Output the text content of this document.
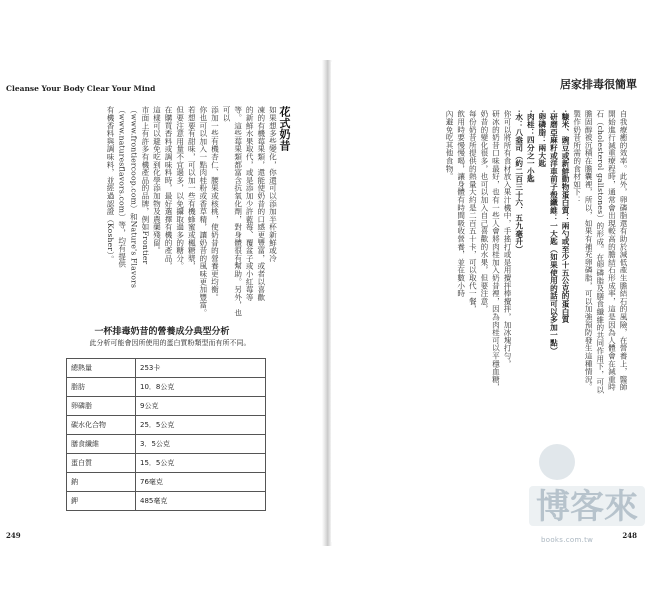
Cleanse Your Body Clear Your Mind

花式奶昔

如果想多些變化，你還可以添加半杯新鮮或冷

凍的有機莓果類，還能使奶昔的口感更豐富，或者以喜歡

的新鮮水果取代，或是添加少許藍莓、覆盆子或小紅莓等

等。這些莓果類都富含抗氧化劑，對身體很有幫助。另外，也可以

添加一些有機杏仁、腰果或核桃，使奶昔的營養更均衡。

你也可以加入一點肉桂粉或香草精，讓奶昔的風味更加豐富。

若想要有甜味，可以加一些有機蜂蜜或楓糖漿，

但要注意用量不宜過多，以免攝取過多的糖分。

在購買香料或調味料時，最好選擇有機的產品，

這樣可以避免吃到化學添加物及農藥殘留。

市面上有許多有機產品的品牌，例如Frontier

（www.frontiercoop.com）和Nature's Flavors

（www.naturesflavors.com）等，均有提供

有機香料與調味料，並經過認證（Kosher）。

一杯排毒奶昔的營養成分典型分析
此分析可能會因所使用的蛋白質粉類型而有所不同。
總熱量	253卡
脂肪	10．8公克
卵磷脂	9公克
碳水化合物	25．5公克
膳食纖維	3．5公克
蛋白質	15．5公克
鈉	76毫克
鉀	485毫克
249
居家排毒很簡單

自我療癒的效率。此外，卵磷脂還有助於減低產生膽結石的風險，在營養上，醫師

開始進行減重療程時，通常會出現較高的膽結石形成率，這是因為人體會在減重時

石（cholesterol gallstones）的形成。在卵磷脂及膳食纖維的共同作用下，可以

膽固醇被沉積在膽囊裡，所以，如果有補充卵磷脂，可以加強預防發生這種情況。

製作奶昔所需的食材如下：

‧糠米、豌豆或新鮮動物蛋白質：兩勺或至少十五公克的蛋白質

‧研磨亞麻籽或洋車前子殼纖維：一大匙（如果使用的話可以多加一點）

‧卵磷脂：兩大匙

‧肉桂：四分之一小匙

‧水：八盎司（約二百三十六．五九毫升）

你可以將所有食材放入果汁機中，手搖打或是用攪拌棒攪拌，加冰塊打勻，

研冰的奶昔口味最好，也有一些人會將肉桂加入奶昔裡，因為肉桂可以平穩血糖，

奶昔的變化很多，也可以加入自己喜歡的水果，但要注意，

每份奶昔所提供的熱量大約是二百五十卡，可以取代一餐，

飲用時要慢慢喝，讓身體有時間吸收營養，並在數小時

內避免吃其他食物。

248
博客來
books.com.tw
